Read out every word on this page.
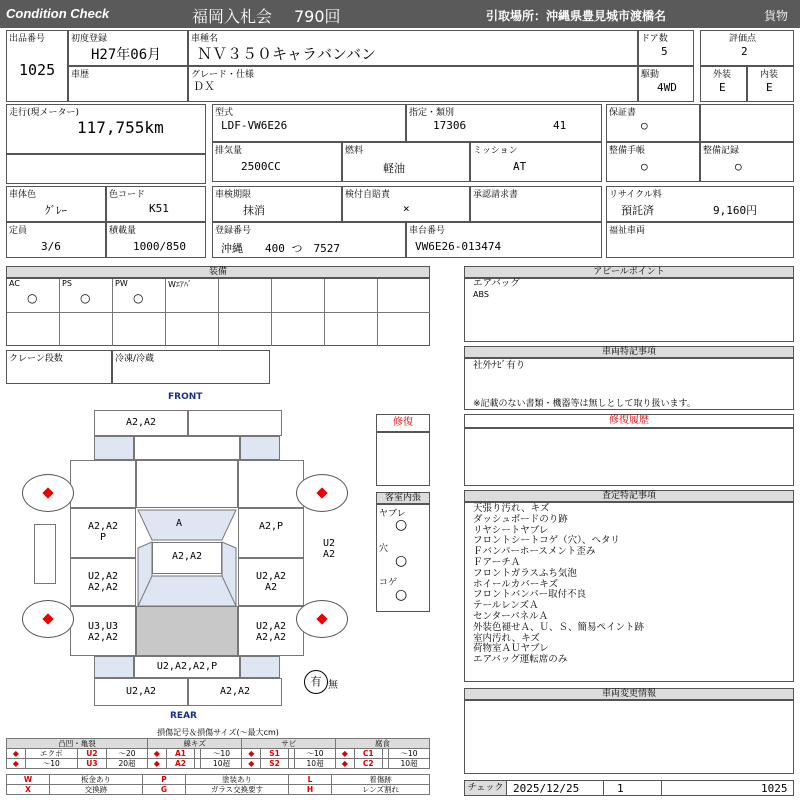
Condition Check	福岡入札会 790回	引取場所：沖縄県豊見城市渡橋名	貨物
出品番号
1025
初度登録
H27年06月
車種名
ＮＶ３５０キャラバンバン
ドア数
5
評価点
2
車歴	グレード・仕様
ＤＸ
駆動
4WD
外装
E
内装
E
走行(現メーター)
117,755km
型式
LDF-VW6E26
指定・類別
17306	41
保証書
○
排気量
2500CC
燃料
軽油
ミッション
AT
整備手帳
○
整備記録
○
車体色
ｸﾞﾚｰ
色コード
K51
車検期限
抹消
検付自賠責
×
承認請求書	リサイクル料
預託済	9,160円
定員
3/6
積載量
1000/850
登録番号
沖縄　　400 つ　7527
車台番号
VW6E26-013474
福祉車両
装備
AC
○
PS
○
PW
○
Wｴｱﾊﾞ
クレーン段数	冷凍/冷蔵
アピールポイント
エアバッグ
ABS
車両特記事項
社外ﾅﾋﾞ有り
※記載のない書類・機器等は無しとして取り扱います。
修復履歴
査定特記事項
天張り汚れ、キズ
ダッシュボードのり跡
リヤシートヤブレ
フロントシートコゲ（穴）、ヘタリ
Ｆバンパーホースメント歪み
ＦアーチＡ
フロントガラスふち気泡
ホイールカバーキズ
フロントバンパー取付不良
テールレンズＡ
センターパネルＡ
外装色褪せＡ、Ｕ、Ｓ、簡易ペイント跡
室内汚れ、キズ
荷物室ＡＵヤブレ
エアバッグ運転席のみ
車両変更情報
チェック 2025/12/25	1	1025
FRONT
REAR
A2,A2
A
A2,A2
P
A2,P
A2,A2
U2,A2
A2,A2
U2,A2
A2
U3,U3
A2,A2
U2,A2
A2,A2
U2,A2,A2,P
U2,A2	A2,A2
U2
A2
有 無
修復
客室内張
ヤブレ
○
穴
○
コゲ
○
損傷記号＆損傷サイズ(〜最大cm)
凸凹・亀裂				線キズ				サビ				腐食			
◆	エクボ	U2	〜20	◆	A1		〜10	◆	S1		〜10	◆	C1		〜10
◆	〜10	U3	20超	◆	A2		10超	◆	S2		10超	◆	C2		10超
W	板金あり	P	塗装あり	L	着傷跡
X	交換跡	G	ガラス交換要す	H	レンズ割れ
